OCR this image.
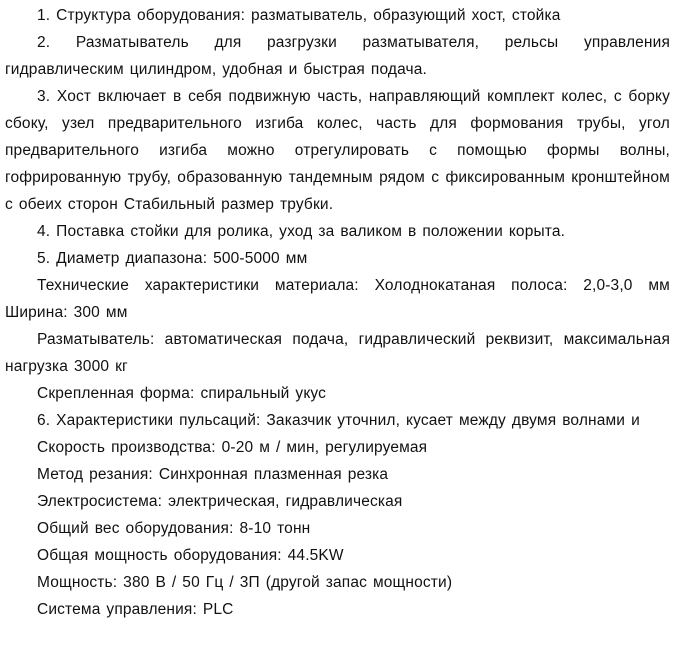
1. Структура оборудования: разматыватель, образующий хост, стойка

2. Разматыватель для разгрузки разматывателя, рельсы управления гидравлическим цилиндром, удобная и быстрая подача.

3. Хост включает в себя подвижную часть, направляющий комплект колес, с борку сбоку, узел предварительного изгиба колес, часть для формования трубы, угол предварительного изгиба можно отрегулировать с помощью формы волны, гофрированную трубу, образованную тандемным рядом с фиксированным кронштейном с обеих сторон Стабильный размер трубки.

4. Поставка стойки для ролика, уход за валиком в положении корыта.

5. Диаметр диапазона: 500-5000 мм

Технические характеристики материала: Холоднокатаная полоса: 2,0-3,0 мм Ширина: 300 мм

Разматыватель: автоматическая подача, гидравлический реквизит, максимальная нагрузка 3000 кг

Скрепленная форма: спиральный укус

6. Характеристики пульсаций: Заказчик уточнил, кусает между двумя волнами и

Скорость производства: 0-20 м / мин, регулируемая

Метод резания: Синхронная плазменная резка

Электросистема: электрическая, гидравлическая

Общий вес оборудования: 8-10 тонн

Общая мощность оборудования: 44.5KW

Мощность: 380 В / 50 Гц / 3П (другой запас мощности)

Система управления: PLC
